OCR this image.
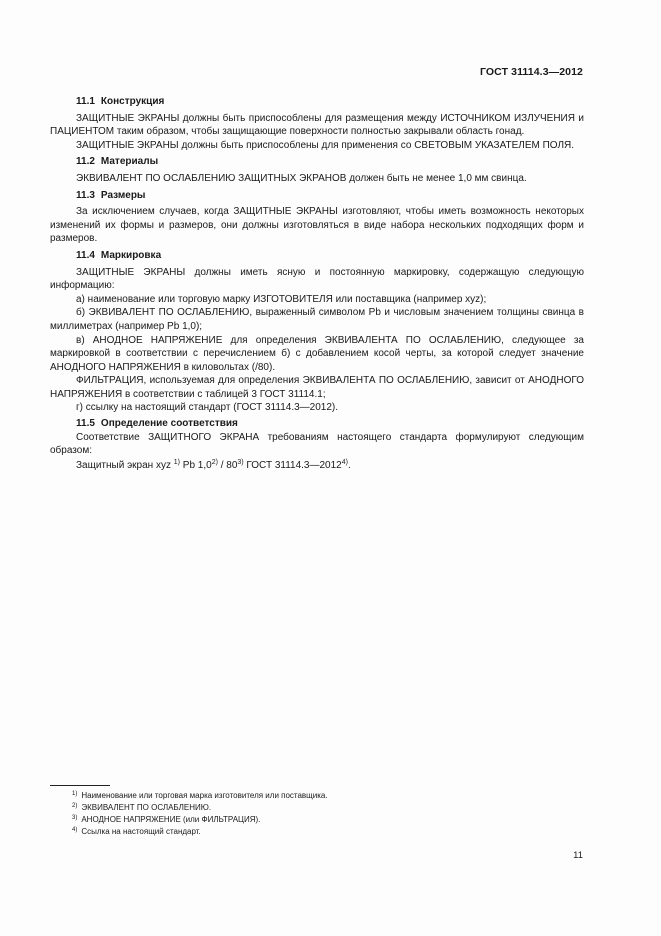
ГОСТ 31114.3—2012

11.1 Конструкция

ЗАЩИТНЫЕ ЭКРАНЫ должны быть приспособлены для размещения между ИСТОЧНИКОМ ИЗЛУЧЕНИЯ и ПАЦИЕНТОМ таким образом, чтобы защищающие поверхности полностью закрывали область гонад.

ЗАЩИТНЫЕ ЭКРАНЫ должны быть приспособлены для применения со СВЕТОВЫМ УКАЗАТЕЛЕМ ПОЛЯ.

11.2 Материалы

ЭКВИВАЛЕНТ ПО ОСЛАБЛЕНИЮ ЗАЩИТНЫХ ЭКРАНОВ должен быть не менее 1,0 мм свинца.

11.3 Размеры

За исключением случаев, когда ЗАЩИТНЫЕ ЭКРАНЫ изготовляют, чтобы иметь возможность некоторых изменений их формы и размеров, они должны изготовляться в виде набора нескольких подходящих форм и размеров.

11.4 Маркировка

ЗАЩИТНЫЕ ЭКРАНЫ должны иметь ясную и постоянную маркировку, содержащую следующую информацию:

а) наименование или торговую марку ИЗГОТОВИТЕЛЯ или поставщика (например xyz);

б) ЭКВИВАЛЕНТ ПО ОСЛАБЛЕНИЮ, выраженный символом Pb и числовым значением толщины свинца в миллиметрах (например Pb 1,0);

в) АНОДНОЕ НАПРЯЖЕНИЕ для определения ЭКВИВАЛЕНТА ПО ОСЛАБЛЕНИЮ, следующее за маркировкой в соответствии с перечислением б) с добавлением косой черты, за которой следует значение АНОДНОГО НАПРЯЖЕНИЯ в киловольтах (/80).

ФИЛЬТРАЦИЯ, используемая для определения ЭКВИВАЛЕНТА ПО ОСЛАБЛЕНИЮ, зависит от АНОДНОГО НАПРЯЖЕНИЯ в соответствии с таблицей 3 ГОСТ 31114.1;

г) ссылку на настоящий стандарт (ГОСТ 31114.3—2012).

11.5 Определение соответствия

Соответствие ЗАЩИТНОГО ЭКРАНА требованиям настоящего стандарта формулируют следующим образом:

Защитный экран xyz $^{1)}$ Pb 1,0$^{2)}$ / 80$^{3)}$ ГОСТ 31114.3—2012$^{4)}$.

$^{1)}$ Наименование или торговая марка изготовителя или поставщика.
$^{2)}$ ЭКВИВАЛЕНТ ПО ОСЛАБЛЕНИЮ.
$^{3)}$ АНОДНОЕ НАПРЯЖЕНИЕ (или ФИЛЬТРАЦИЯ).
$^{4)}$ Ссылка на настоящий стандарт.
11
